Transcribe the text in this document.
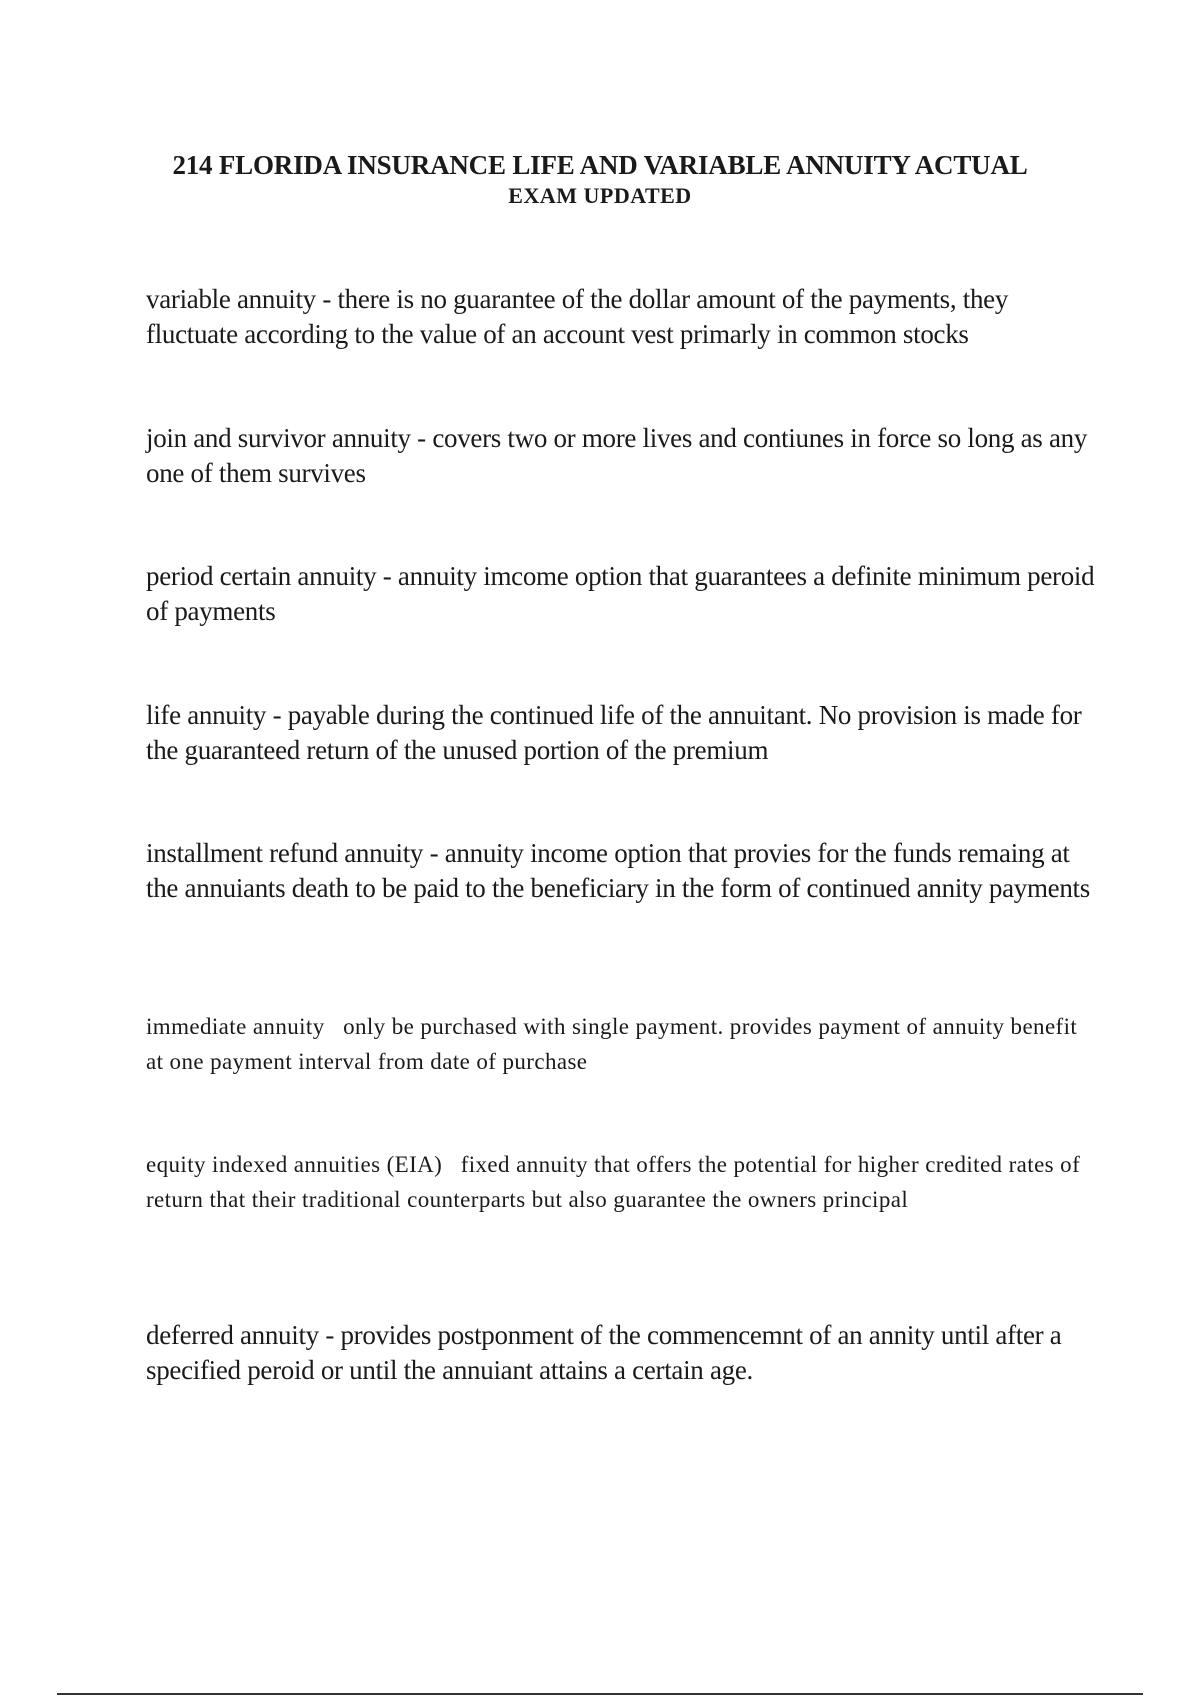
214 FLORIDA INSURANCE LIFE AND VARIABLE ANNUITY ACTUAL
EXAM UPDATED
variable annuity - there is no guarantee of the dollar amount of the payments, they fluctuate according to the value of an account vest primarly in common stocks
join and survivor annuity - covers two or more lives and contiunes in force so long as any one of them survives
period certain annuity - annuity imcome option that guarantees a definite minimum peroid of payments
life annuity - payable during the continued life of the annuitant. No provision is made for the guaranteed return of the unused portion of the premium
installment refund annuity - annuity income option that provies for the funds remaing at the annuiants death to be paid to the beneficiary in the form of continued annity payments
immediate annuity only be purchased with single payment. provides payment of annuity benefit at one payment interval from date of purchase
equity indexed annuities (EIA) fixed annuity that offers the potential for higher credited rates of return that their traditional counterparts but also guarantee the owners principal
deferred annuity - provides postponment of the commencemnt of an annity until after a specified peroid or until the annuiant attains a certain age.
